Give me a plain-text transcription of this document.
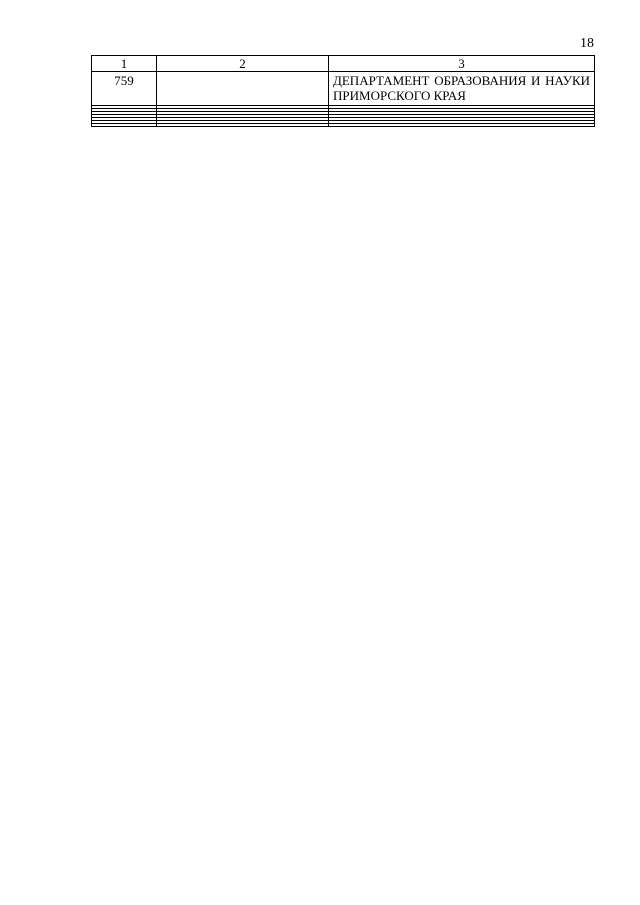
18
1	2	3
759		ДЕПАРТАМЕНТ ОБРАЗОВАНИЯ И НАУКИ ПРИМОРСКОГО КРАЯ
